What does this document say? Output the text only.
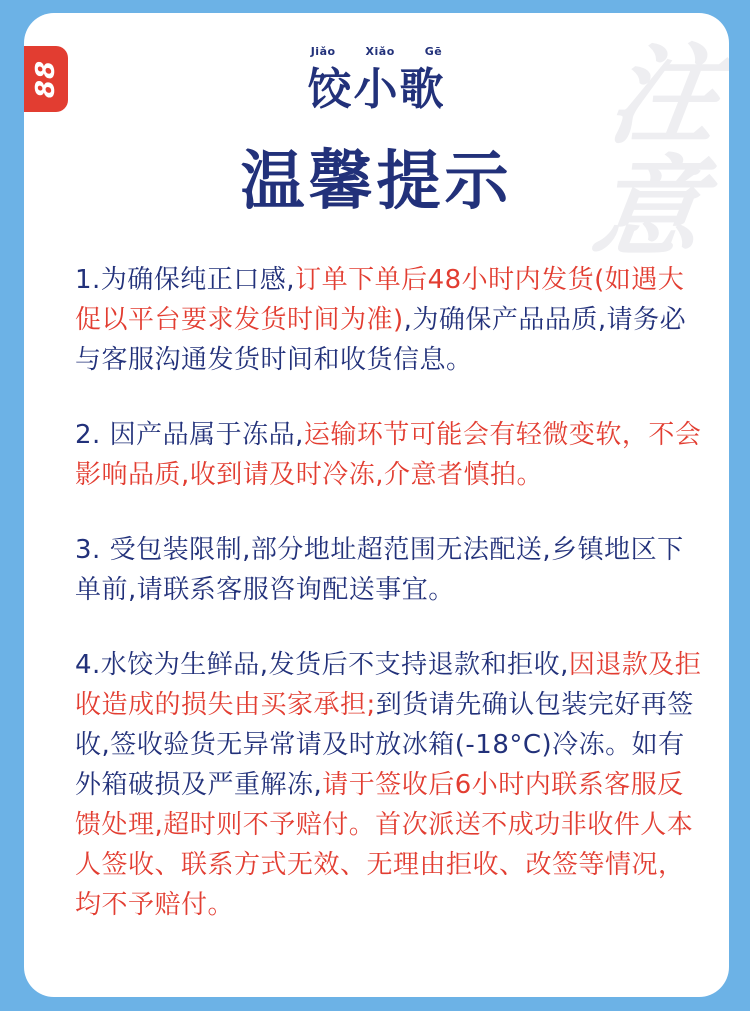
注
意
Jiǎo	Xiǎo	Gē
饺小歌
温馨提示

1.为确保纯正口感,订单下单后48小时内发货(如遇大促以平台要求发货时间为准),为确保产品品质,请务必与客服沟通发货时间和收货信息。

2. 因产品属于冻品,运输环节可能会有轻微变软，不会影响品质,收到请及时冷冻,介意者慎拍。

3. 受包装限制,部分地址超范围无法配送,乡镇地区下单前,请联系客服咨询配送事宜。

4.水饺为生鲜品,发货后不支持退款和拒收,因退款及拒收造成的损失由买家承担;到货请先确认包装完好再签收,签收验货无异常请及时放冰箱(-18°C)冷冻。如有外箱破损及严重解冻,请于签收后6小时内联系客服反馈处理,超时则不予赔付。首次派送不成功非收件人本人签收、联系方式无效、无理由拒收、改签等情况，均不予赔付。

88
